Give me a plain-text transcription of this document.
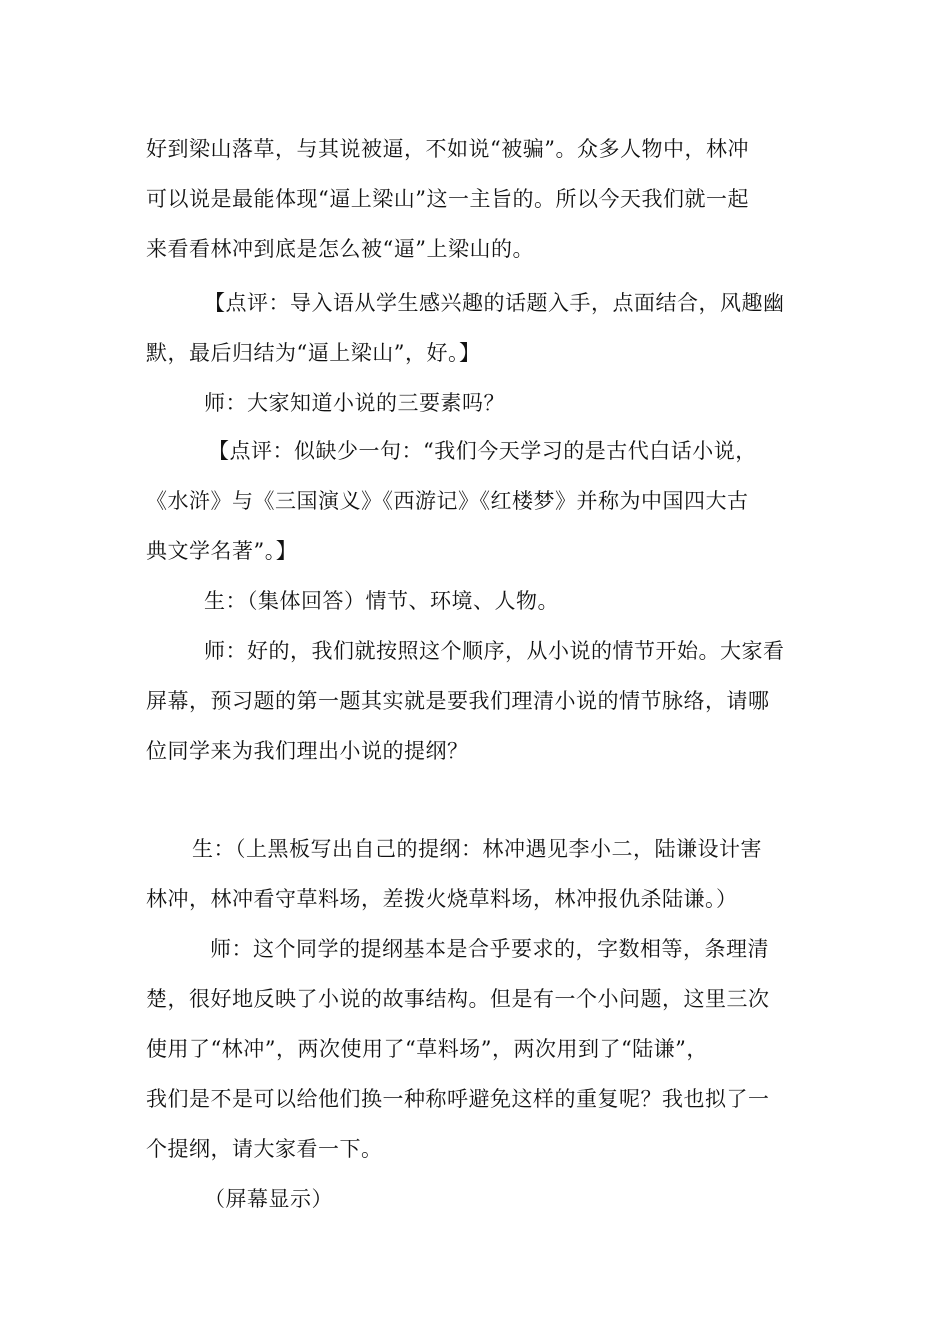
好到梁山落草，与其说被逼，不如说“被骗”。众多人物中，林冲
可以说是最能体现“逼上梁山”这一主旨的。所以今天我们就一起
来看看林冲到底是怎么被“逼”上梁山的。
【点评：导入语从学生感兴趣的话题入手，点面结合，风趣幽
默，最后归结为“逼上梁山”，好。】
师：大家知道小说的三要素吗？
【点评：似缺少一句：“我们今天学习的是古代白话小说，
《水浒》与《三国演义》《西游记》《红楼梦》并称为中国四大古
典文学名著”。】
生：（集体回答）情节、环境、人物。
师：好的，我们就按照这个顺序，从小说的情节开始。大家看
屏幕，预习题的第一题其实就是要我们理清小说的情节脉络，请哪
位同学来为我们理出小说的提纲？
生：（上黑板写出自己的提纲：林冲遇见李小二，陆谦设计害
林冲，林冲看守草料场，差拨火烧草料场，林冲报仇杀陆谦。）
师：这个同学的提纲基本是合乎要求的，字数相等，条理清
楚，很好地反映了小说的故事结构。但是有一个小问题，这里三次
使用了“林冲”，两次使用了“草料场”，两次用到了“陆谦”，
我们是不是可以给他们换一种称呼避免这样的重复呢？我也拟了一
个提纲，请大家看一下。
（屏幕显示）
